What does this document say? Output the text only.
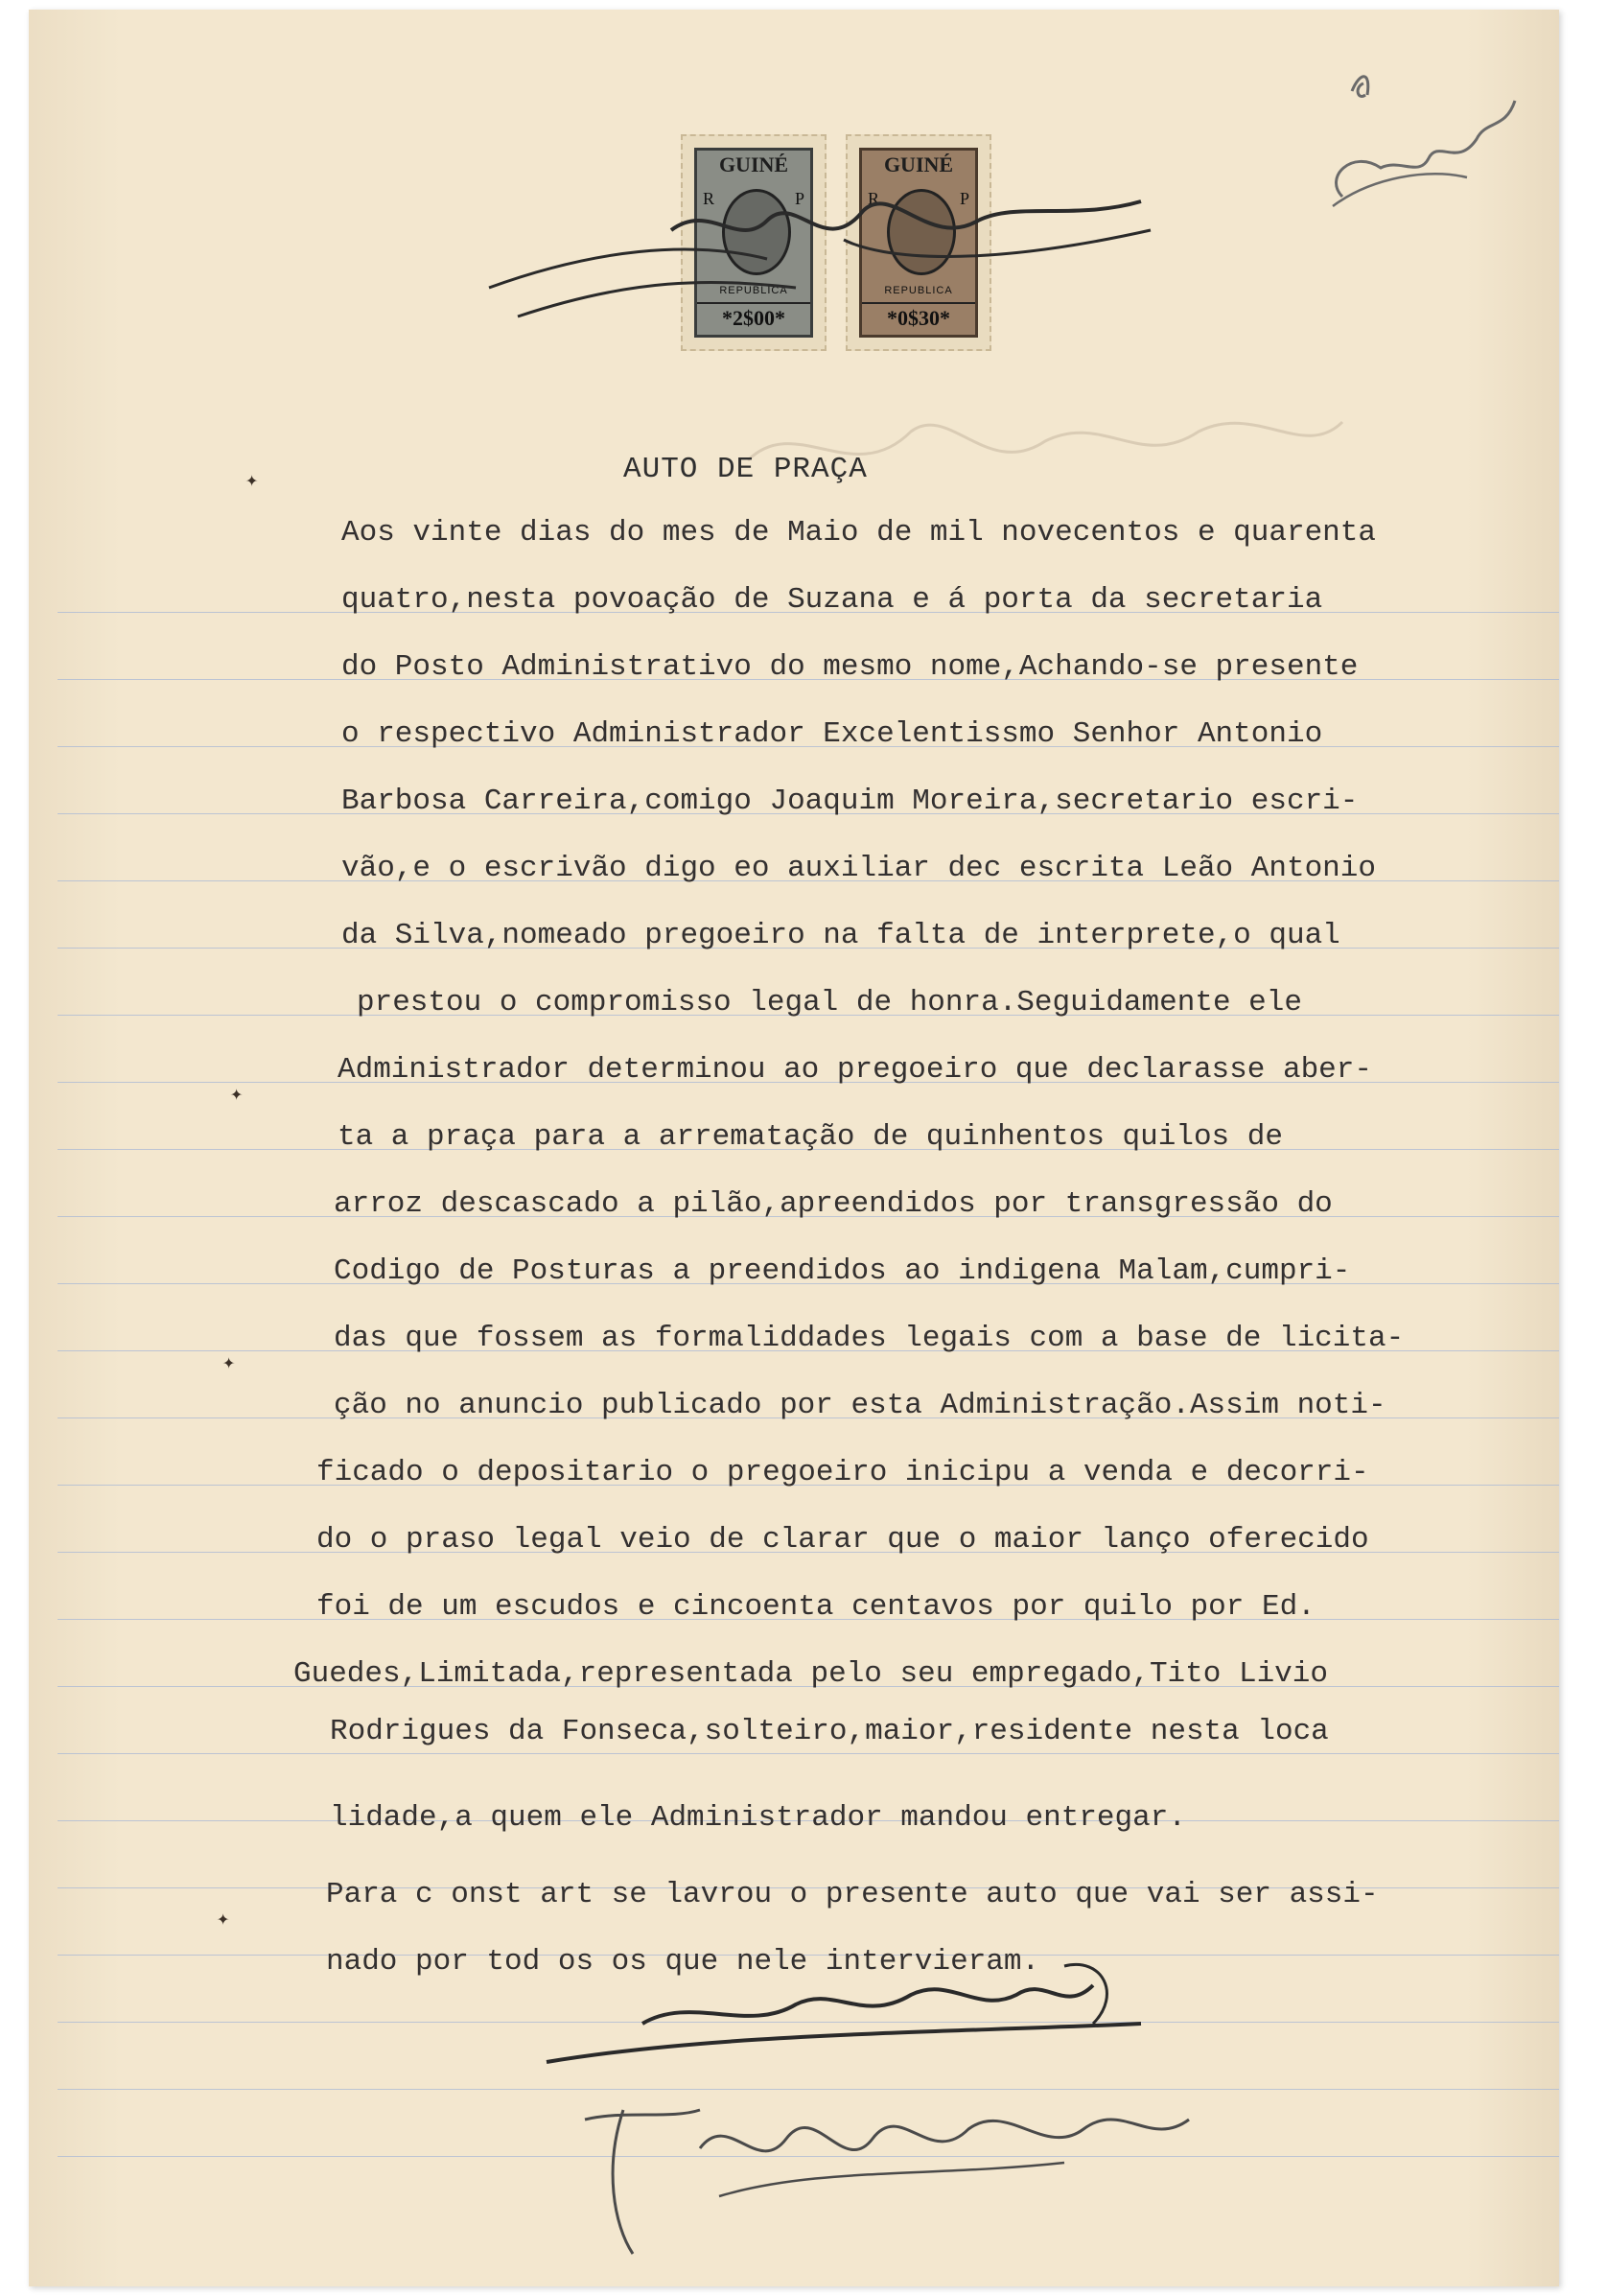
✦
✦
✦
✦
GUINÉ
R	P
REPUBLICA
*2$00*
GUINÉ
R	P
REPUBLICA
*0$30*
AUTO DE PRAÇA
Aos vinte dias do mes de Maio de mil novecentos e quarenta
quatro,nesta povoação de Suzana e á porta da secretaria
do Posto Administrativo do mesmo nome,Achando-se presente
o respectivo Administrador Excelentissmo Senhor Antonio
Barbosa Carreira,comigo Joaquim Moreira,secretario escri-
vão,e o escrivão digo eo auxiliar dec escrita Leão Antonio
da Silva,nomeado pregoeiro na falta de interprete,o qual
prestou o compromisso legal de honra.Seguidamente ele
Administrador determinou ao pregoeiro que declarasse aber-
ta a praça para a arrematação de quinhentos quilos de
arroz descascado a pilão,apreendidos por transgressão do
Codigo de Posturas a preendidos ao indigena Malam,cumpri-
das que fossem as formaliddades legais com a base de licita-
ção no anuncio publicado por esta Administração.Assim noti-
ficado o depositario o pregoeiro inicipu a venda e decorri-
do o praso legal veio de clarar que o maior lanço oferecido
foi de um escudos e cincoenta centavos por quilo por Ed.
Guedes,Limitada,representada pelo seu empregado,Tito Livio
Rodrigues da Fonseca,solteiro,maior,residente nesta loca
lidade,a quem ele Administrador mandou entregar.
Para c onst art se lavrou o presente auto que vai ser assi-
nado por tod os os que nele intervieram.
